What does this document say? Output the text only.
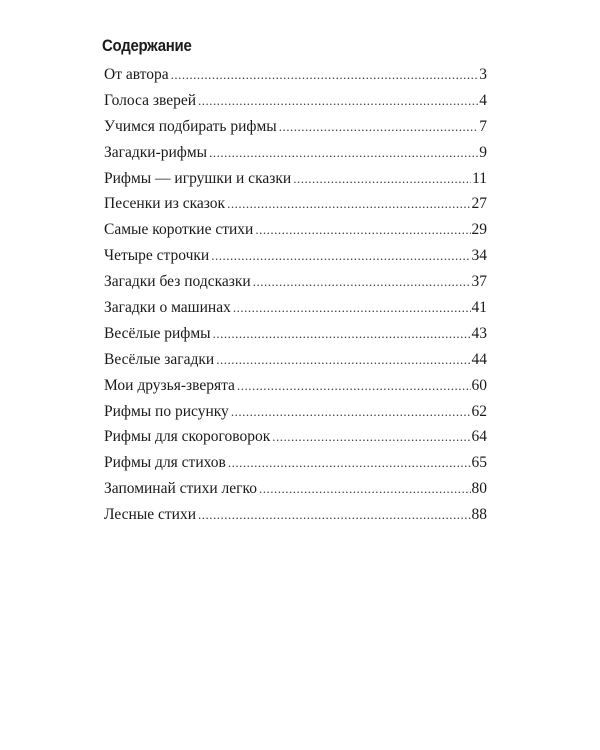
Содержание
От автора .....	3
Голоса зверей .....	4
Учимся подбирать рифмы .....	7
Загадки-рифмы .....	9
Рифмы — игрушки и сказки .....	11
Песенки из сказок .....	27
Самые короткие стихи .....	29
Четыре строчки .....	34
Загадки без подсказки .....	37
Загадки о машинах .....	41
Весёлые рифмы .....	43
Весёлые загадки .....	44
Мои друзья-зверята .....	60
Рифмы по рисунку .....	62
Рифмы для скороговорок .....	64
Рифмы для стихов .....	65
Запоминай стихи легко .....	80
Лесные стихи .....	88
